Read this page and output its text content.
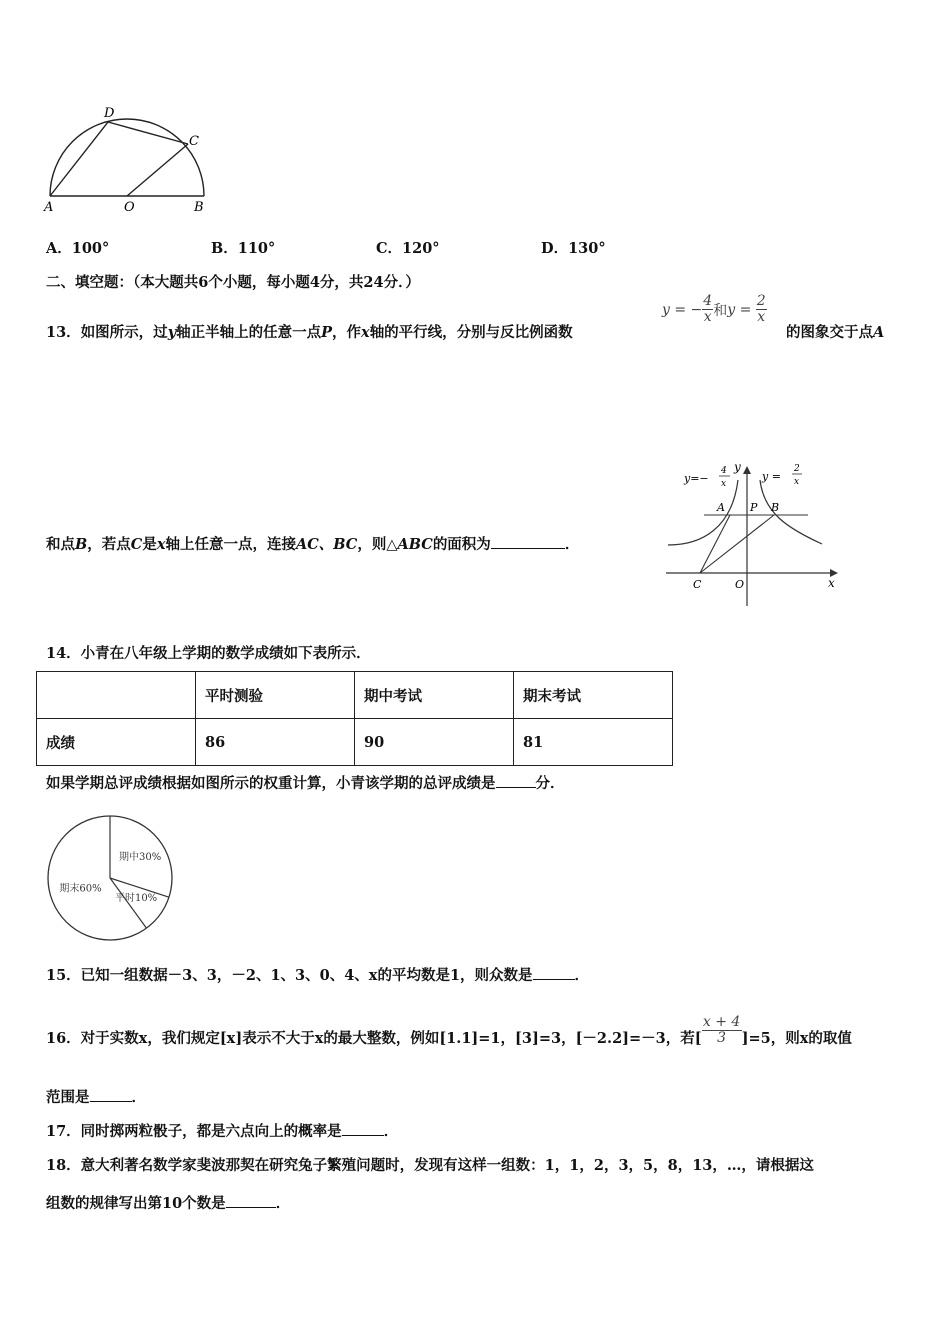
A	O	B
C
D
A．100°	B．110°	C．120°	D．130°
二、填空题：（本大题共6个小题，每小题4分，共24分．）
13．如图所示，过y轴正半轴上的任意一点P，作x轴的平行线，分别与反比例函数
y = − $\frac{4}{x}$ 和$y = \frac{2}{x}$
的图象交于点A
和点B，若点C是x轴上任意一点，连接AC、BC，则△ABC的面积为	．
y=−
4
x
y =
2
x
y
x
A P B
C	O
14．小青在八年级上学期的数学成绩如下表所示．
	平时测验	期中考试	期末考试
成绩	86	90	81
如果学期总评成绩根据如图所示的权重计算，小青该学期的总评成绩是	分．
期中30%
平时10%
期末60%
15．已知一组数据－3、3，－2、1、3、0、4、x的平均数是1，则众数是	．
16．对于实数x，我们规定[x]表示不大于x的最大整数，例如[1.1]=1，[3]=3，[－2.2]=－3，若[ $\frac{x + 4}{3} ]=5$，则x的取值
范围是	．
17．同时掷两粒骰子，都是六点向上的概率是	．
18．意大利著名数学家斐波那契在研究兔子繁殖问题时，发现有这样一组数：1，1，2，3，5，8，13，…，请根据这
组数的规律写出第10个数是	．
